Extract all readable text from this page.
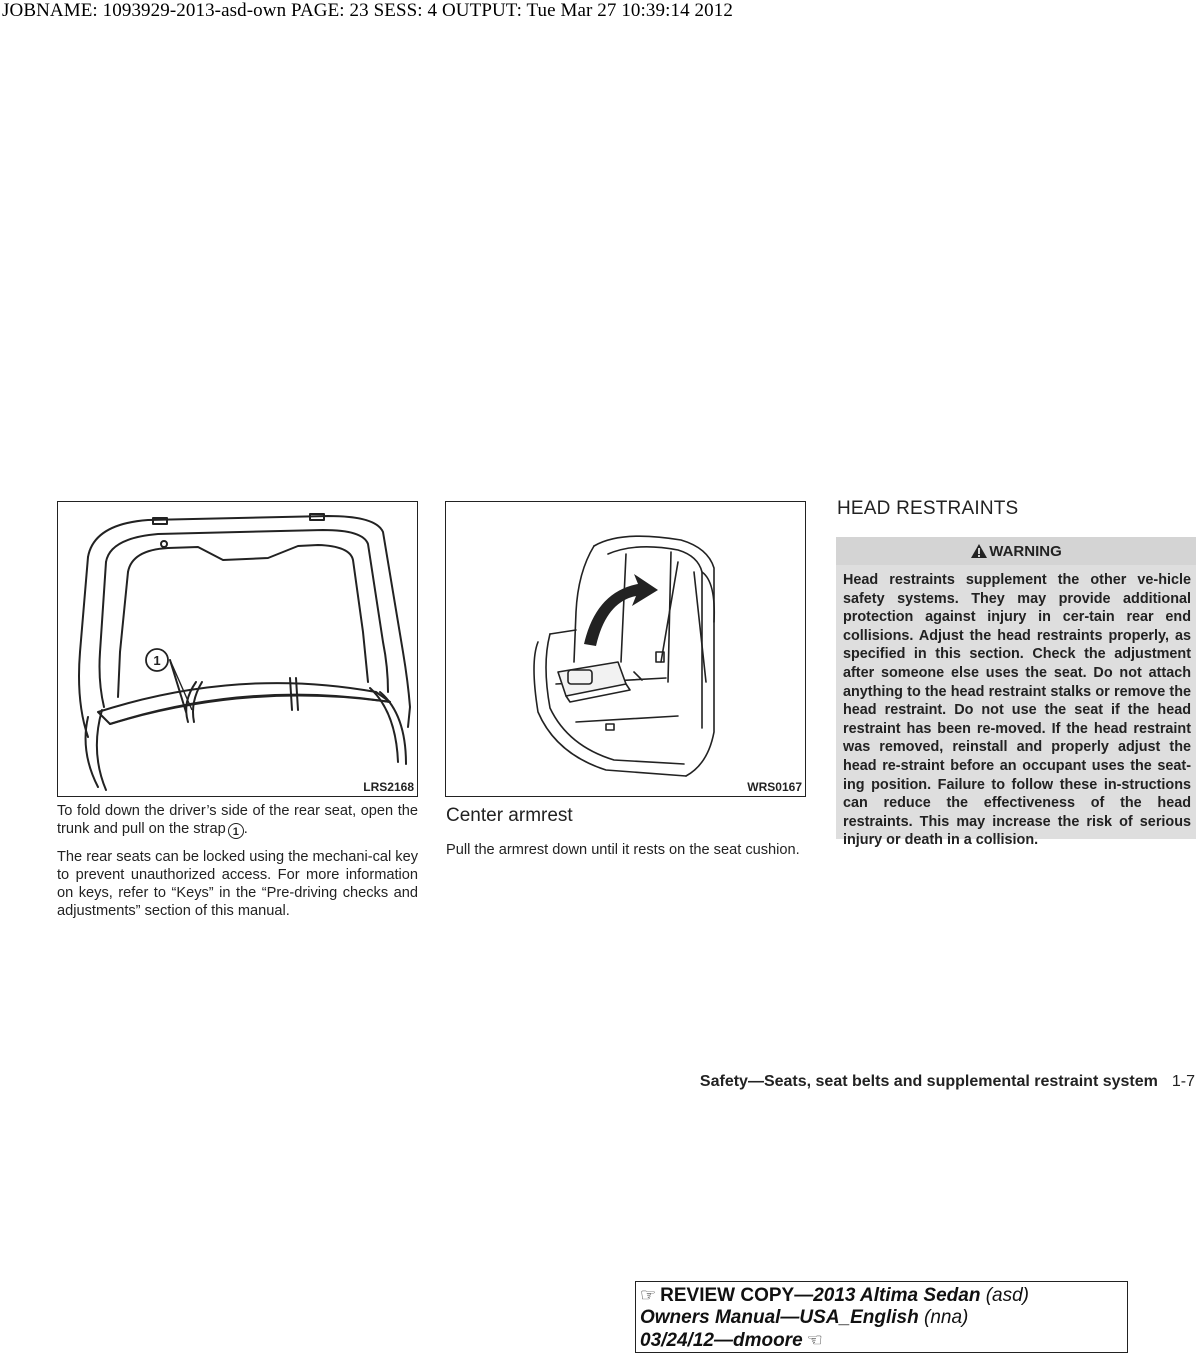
JOBNAME: 1093929-2013-asd-own PAGE: 23 SESS: 4 OUTPUT: Tue Mar 27 10:39:14 2012
1
LRS2168	WRS0167

To fold down the driver’s side of the rear seat, open the trunk and pull on the strap 1 .

The rear seats can be locked using the mechani-cal key to prevent unauthorized access. For more information on keys, refer to “Keys” in the “Pre-driving checks and adjustments” section of this manual.

Center armrest

Pull the armrest down until it rests on the seat cushion.

HEAD RESTRAINTS
WARNING

Head restraints supplement the other ve-hicle safety systems. They may provide additional protection against injury in cer-tain rear end collisions. Adjust the head restraints properly, as specified in this section. Check the adjustment after someone else uses the seat. Do not attach anything to the head restraint stalks or remove the head restraint. Do not use the seat if the head restraint has been re-moved. If the head restraint was removed, reinstall and properly adjust the head re-straint before an occupant uses the seat-ing position. Failure to follow these in-structions can reduce the effectiveness of the head restraints. This may increase the risk of serious injury or death in a collision.

Safety—Seats, seat belts and supplemental restraint system 1-7
☞ REVIEW COPY—2013 Altima Sedan (asd)
Owners Manual—USA_English (nna)
03/24/12—dmoore ☜
